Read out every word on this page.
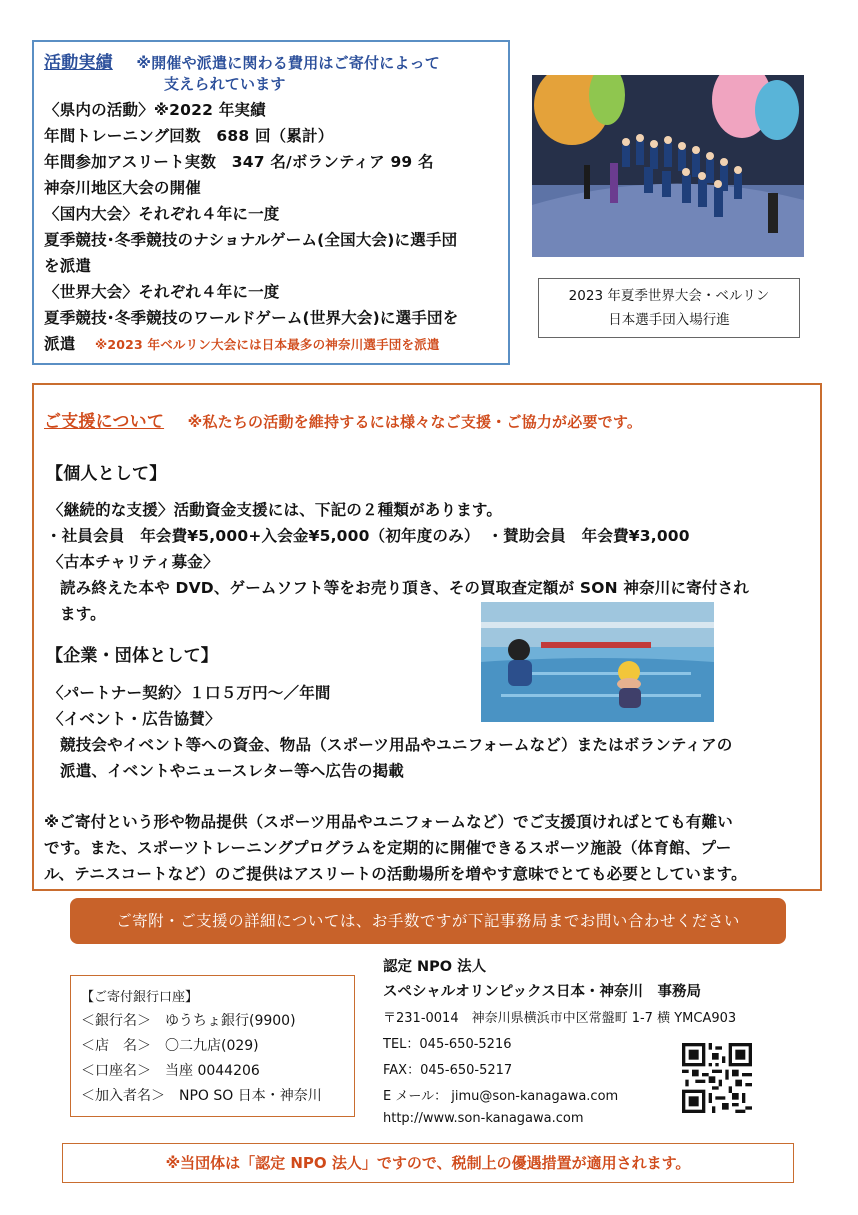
活動実績 ※開催や派遣に関わる費用はご寄付によって
支えられています
〈県内の活動〉※2022 年実績
年間トレーニング回数　688 回（累計）
年間参加アスリート実数　347 名/ボランティア 99 名
神奈川地区大会の開催
〈国内大会〉それぞれ４年に一度
夏季競技･冬季競技のナショナルゲーム(全国大会)に選手団
を派遣
〈世界大会〉それぞれ４年に一度
夏季競技･冬季競技のワールドゲーム(世界大会)に選手団を
派遣 ※2023 年ベルリン大会には日本最多の神奈川選手団を派遣
2023 年夏季世界大会・ベルリン
日本選手団入場行進
ご支援について ※私たちの活動を維持するには様々なご支援・ご協力が必要です。
【個人として】
〈継続的な支援〉活動資金支援には、下記の２種類があります。
・社員会員　年会費¥5,000+入会金¥5,000（初年度のみ）　・賛助会員　年会費¥3,000
〈古本チャリティ募金〉
読み終えた本や DVD、ゲームソフト等をお売り頂き、その買取査定額が SON 神奈川に寄付され
ます。
【企業・団体として】
〈パートナー契約〉１口５万円～／年間
〈イベント・広告協賛〉
競技会やイベント等への資金、物品（スポーツ用品やユニフォームなど）またはボランティアの
派遣、イベントやニュースレター等へ広告の掲載
※ご寄付という形や物品提供（スポーツ用品やユニフォームなど）でご支援頂ければとても有難い
です。また、スポーツトレーニングプログラムを定期的に開催できるスポーツ施設（体育館、プー
ル、テニスコートなど）のご提供はアスリートの活動場所を増やす意味でとても必要としています。
ご寄附・ご支援の詳細については、お手数ですが下記事務局までお問い合わせください
【ご寄付銀行口座】
＜銀行名＞　ゆうちょ銀行(9900)
＜店　名＞　〇二九店(029)
＜口座名＞　当座 0044206
＜加入者名＞　NPO SO 日本・神奈川
認定 NPO 法人
スペシャルオリンピックス日本・神奈川　事務局
〒231-0014　神奈川県横浜市中区常盤町 1-7 横 YMCA903
TEL：045-650-5216
FAX：045-650-5217
E メール： jimu@son-kanagawa.com
http://www.son-kanagawa.com
※当団体は「認定 NPO 法人」ですので、税制上の優遇措置が適用されます。
